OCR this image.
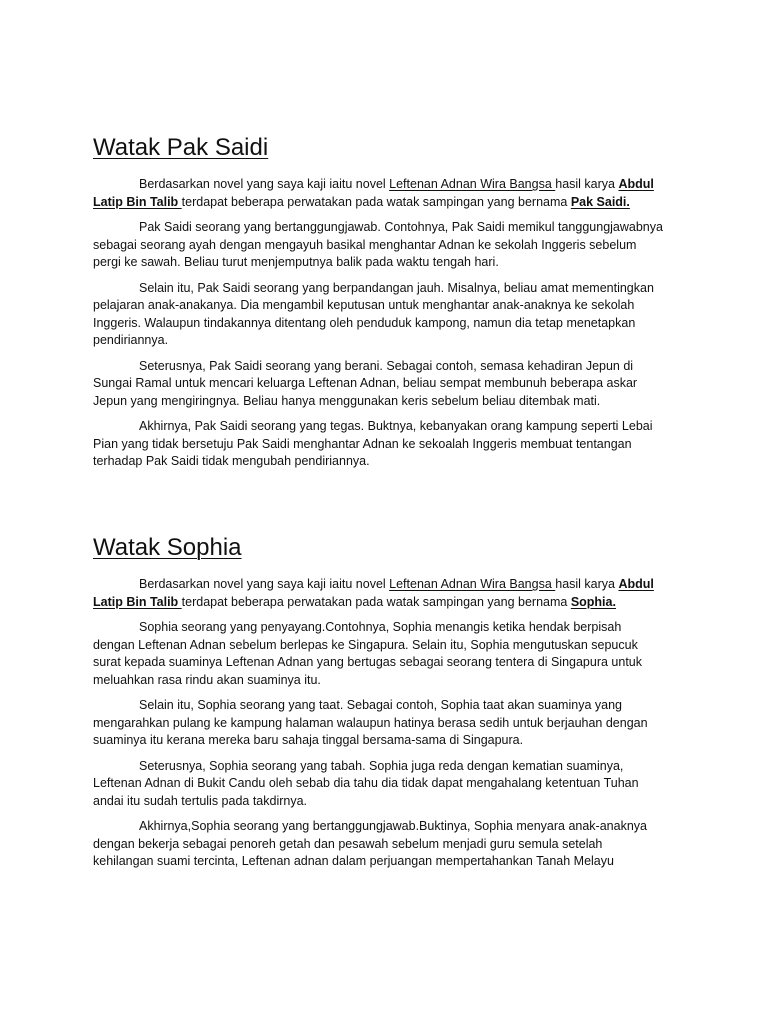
Watak Pak Saidi

Berdasarkan novel yang saya kaji iaitu novel Leftenan Adnan Wira Bangsa hasil karya Abdul
Latip Bin Talib terdapat beberapa perwatakan pada watak sampingan yang bernama Pak Saidi.

Pak Saidi seorang yang bertanggungjawab. Contohnya, Pak Saidi memikul tanggungjawabnya
sebagai seorang ayah dengan mengayuh basikal menghantar Adnan ke sekolah Inggeris sebelum
pergi ke sawah. Beliau turut menjemputnya balik pada waktu tengah hari.

Selain itu, Pak Saidi seorang yang berpandangan jauh. Misalnya, beliau amat mementingkan
pelajaran anak-anakanya. Dia mengambil keputusan untuk menghantar anak-anaknya ke sekolah
Inggeris. Walaupun tindakannya ditentang oleh penduduk kampong, namun dia tetap menetapkan
pendiriannya.

Seterusnya, Pak Saidi seorang yang berani. Sebagai contoh, semasa kehadiran Jepun di
Sungai Ramal untuk mencari keluarga Leftenan Adnan, beliau sempat membunuh beberapa askar
Jepun yang mengiringnya. Beliau hanya menggunakan keris sebelum beliau ditembak mati.

Akhirnya, Pak Saidi seorang yang tegas. Buktnya, kebanyakan orang kampung seperti Lebai
Pian yang tidak bersetuju Pak Saidi menghantar Adnan ke sekoalah Inggeris membuat tentangan
terhadap Pak Saidi tidak mengubah pendiriannya.

Watak Sophia

Berdasarkan novel yang saya kaji iaitu novel Leftenan Adnan Wira Bangsa hasil karya Abdul
Latip Bin Talib terdapat beberapa perwatakan pada watak sampingan yang bernama Sophia.

Sophia seorang yang penyayang.Contohnya, Sophia menangis ketika hendak berpisah
dengan Leftenan Adnan sebelum berlepas ke Singapura. Selain itu, Sophia mengutuskan sepucuk
surat kepada suaminya Leftenan Adnan yang bertugas sebagai seorang tentera di Singapura untuk
meluahkan rasa rindu akan suaminya itu.

Selain itu, Sophia seorang yang taat. Sebagai contoh, Sophia taat akan suaminya yang
mengarahkan pulang ke kampung halaman walaupun hatinya berasa sedih untuk berjauhan dengan
suaminya itu kerana mereka baru sahaja tinggal bersama-sama di Singapura.

Seterusnya, Sophia seorang yang tabah. Sophia juga reda dengan kematian suaminya,
Leftenan Adnan di Bukit Candu oleh sebab dia tahu dia tidak dapat mengahalang ketentuan Tuhan
andai itu sudah tertulis pada takdirnya.

Akhirnya,Sophia seorang yang bertanggungjawab.Buktinya, Sophia menyara anak-anaknya
dengan bekerja sebagai penoreh getah dan pesawah sebelum menjadi guru semula setelah
kehilangan suami tercinta, Leftenan adnan dalam perjuangan mempertahankan Tanah Melayu
